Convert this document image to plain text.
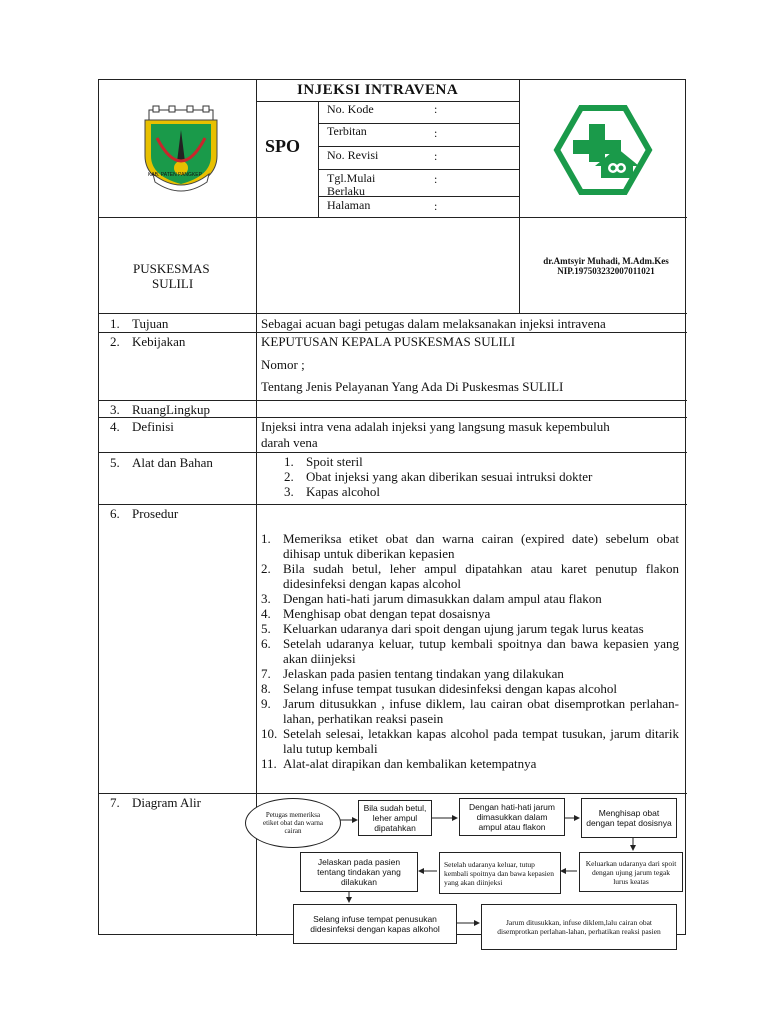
KAB. PATEN PANGKEP
INJEKSI INTRAVENA
SPO
No. Kode	:
Terbitan	:
No. Revisi	:
Tgl.Mulai Berlaku
:
Halaman	:
PUSKESMAS
SULILI
dr.Amtsyir Muhadi, M.Adm.Kes
NIP.197503232007011021
1. Tujuan	Sebagai acuan bagi petugas dalam melaksanakan injeksi intravena
2. Kebijakan	KEPUTUSAN KEPALA PUSKESMAS SULILI
Nomor ;
Tentang Jenis Pelayanan Yang Ada Di Puskesmas SULILI
3. RuangLingkup
4. Definisi	Injeksi intra vena adalah injeksi yang langsung masuk kepembuluh
darah vena
5. Alat dan Bahan	1. Spoit steril
2. Obat injeksi yang akan diberikan sesuai intruksi dokter
3. Kapas alcohol
6. Prosedur
1. Memeriksa etiket obat dan warna cairan (expired date) sebelum obat dihisap untuk diberikan kepasien
2. Bila sudah betul, leher ampul dipatahkan atau karet penutup flakon didesinfeksi dengan kapas alcohol
3. Dengan hati-hati jarum dimasukkan dalam ampul atau flakon
4. Menghisap obat dengan tepat dosaisnya
5. Keluarkan udaranya dari spoit dengan ujung jarum tegak lurus keatas
6. Setelah udaranya keluar, tutup kembali spoitnya dan bawa kepasien yang akan diinjeksi
7. Jelaskan pada pasien tentang tindakan yang dilakukan
8. Selang infuse tempat tusukan didesinfeksi dengan kapas alcohol
9. Jarum ditusukkan , infuse diklem, lau cairan obat disemprotkan perlahan-lahan, perhatikan reaksi pasein
10. Setelah selesai, letakkan kapas alcohol pada tempat tusukan, jarum ditarik lalu tutup kembali
11. Alat-alat dirapikan dan kembalikan ketempatnya
7. Diagram Alir
Petugas memeriksa etiket obat dan warna cairan
Bila sudah betul, leher ampul dipatahkan
Dengan hati-hati jarum dimasukkan dalam ampul atau flakon
Menghisap obat dengan tepat dosisnya
Keluarkan udaranya dari spoit dengan ujung jarum tegak lurus keatas
Setelah udaranya keluar, tutup kembali spoitnya dan bawa kepasien yang akan diinjeksi
Jelaskan pada pasien tentang tindakan yang dilakukan
Selang infuse tempat penusukan didesinfeksi dengan kapas alkohol
Jarum ditusukkan, infuse diklem,lalu cairan obat disemprotkan perlahan-lahan, perhatikan reaksi pasien
